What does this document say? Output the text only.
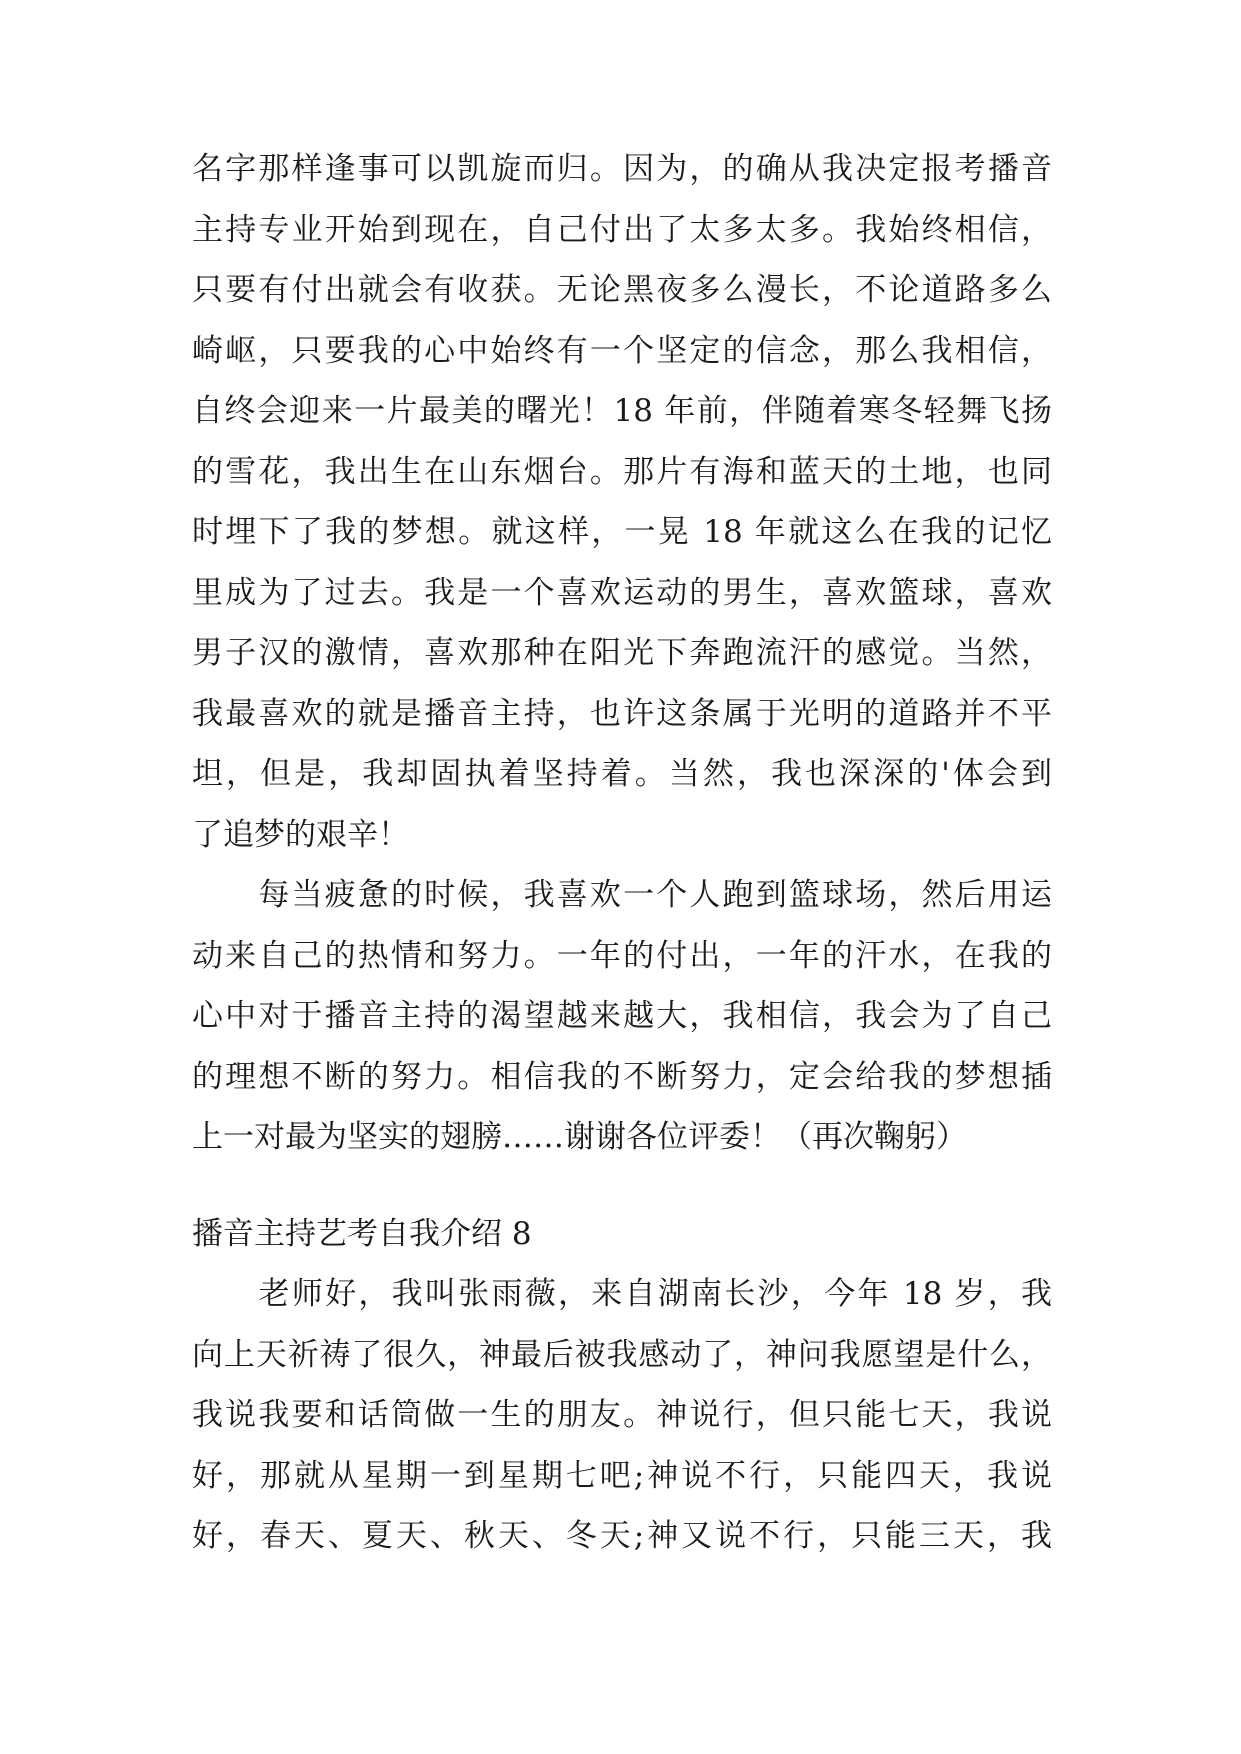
名字那样逢事可以凯旋而归。因为，的确从我决定报考播音
主持专业开始到现在，自己付出了太多太多。我始终相信，
只要有付出就会有收获。无论黑夜多么漫长，不论道路多么
崎岖，只要我的心中始终有一个坚定的信念，那么我相信，
自终会迎来一片最美的曙光！18 年前，伴随着寒冬轻舞飞扬
的雪花，我出生在山东烟台。那片有海和蓝天的土地，也同
时埋下了我的梦想。就这样，一晃 18 年就这么在我的记忆
里成为了过去。我是一个喜欢运动的男生，喜欢篮球，喜欢
男子汉的激情，喜欢那种在阳光下奔跑流汗的感觉。当然，
我最喜欢的就是播音主持，也许这条属于光明的道路并不平
坦，但是，我却固执着坚持着。当然，我也深深的'体会到
了追梦的艰辛！
　　每当疲惫的时候，我喜欢一个人跑到篮球场，然后用运
动来自己的热情和努力。一年的付出，一年的汗水，在我的
心中对于播音主持的渴望越来越大，我相信，我会为了自己
的理想不断的努力。相信我的不断努力，定会给我的梦想插
上一对最为坚实的翅膀……谢谢各位评委！（再次鞠躬）
播音主持艺考自我介绍 8
　　老师好，我叫张雨薇，来自湖南长沙，今年 18 岁，我
向上天祈祷了很久，神最后被我感动了，神问我愿望是什么，
我说我要和话筒做一生的朋友。神说行，但只能七天，我说
好，那就从星期一到星期七吧;神说不行，只能四天，我说
好，春天、夏天、秋天、冬天;神又说不行，只能三天，我
